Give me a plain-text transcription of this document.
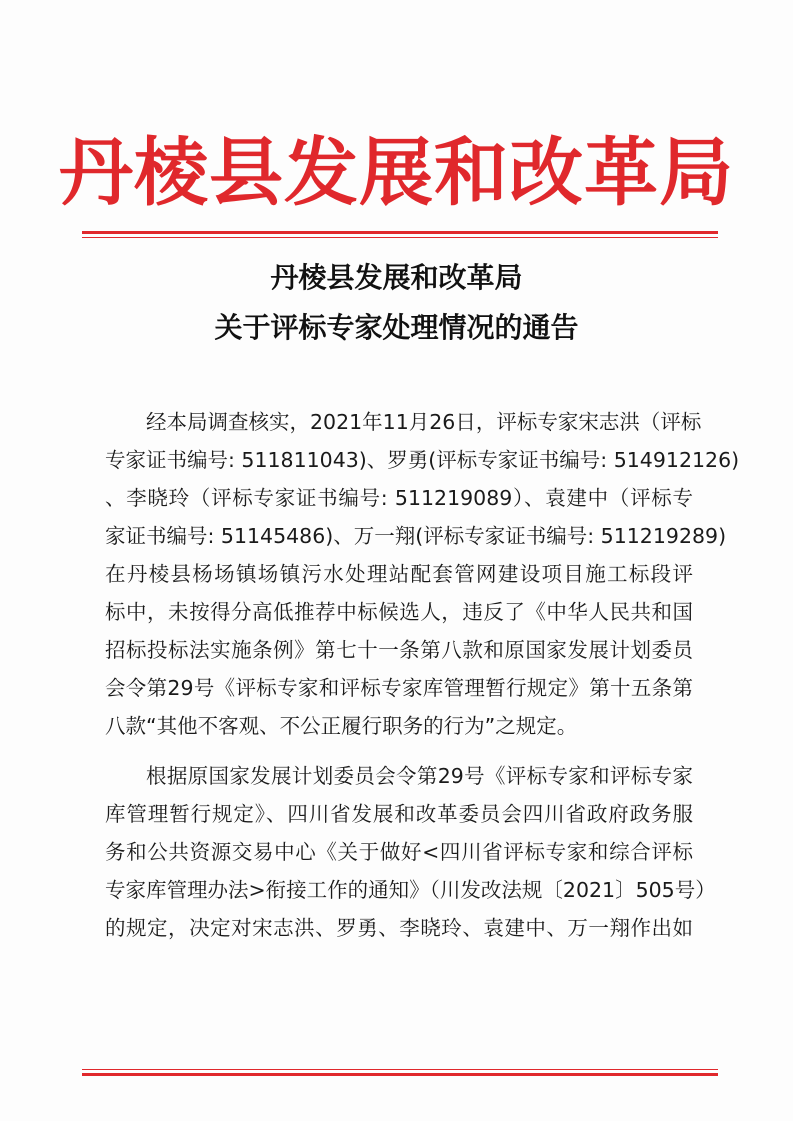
丹棱县发展和改革局
丹棱县发展和改革局
关于评标专家处理情况的通告
经本局调查核实，2021年11月26日，评标专家宋志洪（评标
专家证书编号: 511811043)、罗勇(评标专家证书编号: 514912126)
、李晓玲（评标专家证书编号: 511219089）、袁建中（评标专
家证书编号: 51145486)、万一翔(评标专家证书编号: 511219289)
在丹棱县杨场镇场镇污水处理站配套管网建设项目施工标段评
标中，未按得分高低推荐中标候选人，违反了《中华人民共和国
招标投标法实施条例》第七十一条第八款和原国家发展计划委员
会令第29号《评标专家和评标专家库管理暂行规定》第十五条第
八款“其他不客观、不公正履行职务的行为”之规定。
根据原国家发展计划委员会令第29号《评标专家和评标专家
库管理暂行规定》、四川省发展和改革委员会四川省政府政务服
务和公共资源交易中心《关于做好<四川省评标专家和综合评标
专家库管理办法>衔接工作的通知》（川发改法规〔2021〕505号）
的规定，决定对宋志洪、罗勇、李晓玲、袁建中、万一翔作出如
